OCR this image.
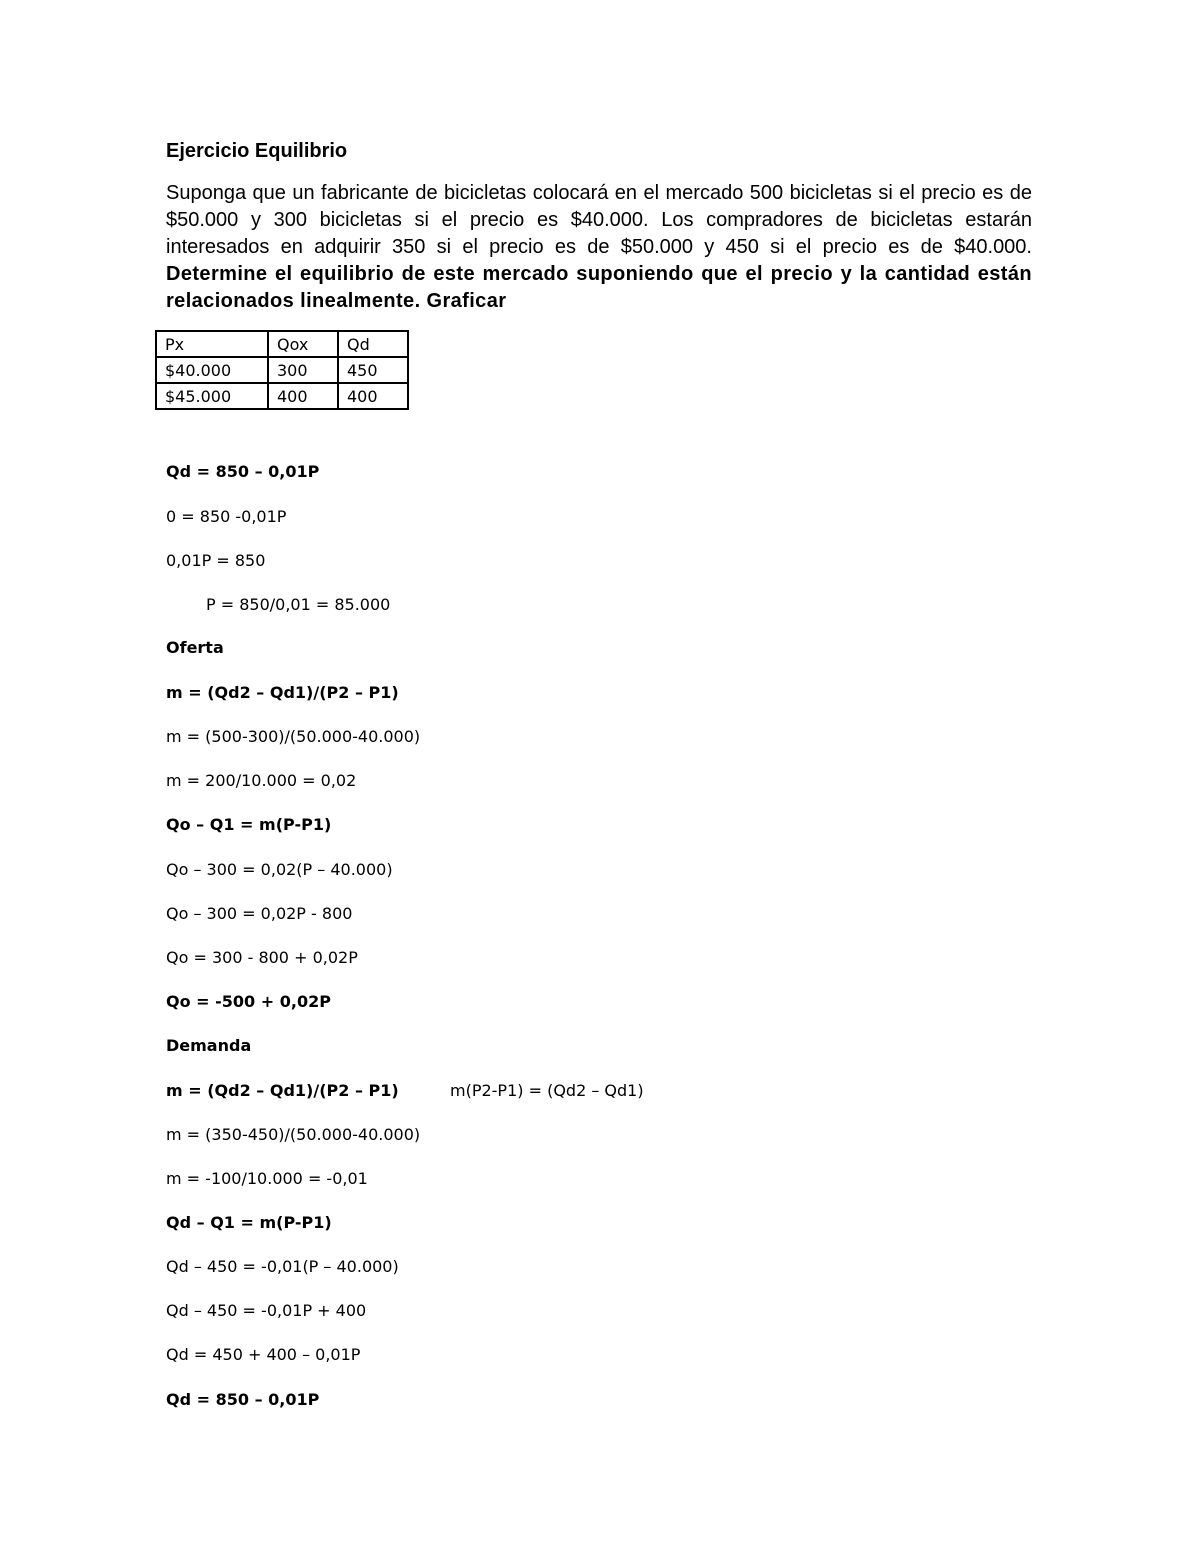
Ejercicio Equilibrio

Suponga que un fabricante de bicicletas colocará en el mercado 500 bicicletas si el precio es de $50.000 y 300 bicicletas si el precio es $40.000. Los compradores de bicicletas estarán interesados en adquirir 350 si el precio es de $50.000 y 450 si el precio es de $40.000. Determine el equilibrio de este mercado suponiendo que el precio y la cantidad están relacionados linealmente. Graficar

Px	Qox	Qd
$40.000	300	450
$45.000	400	400

Qd = 850 – 0,01P

0 = 850 -0,01P

0,01P = 850

P = 850/0,01 = 85.000

Oferta

m = (Qd2 – Qd1)/(P2 – P1)

m = (500-300)/(50.000-40.000)

m = 200/10.000 = 0,02

Qo – Q1 = m(P-P1)

Qo – 300 = 0,02(P – 40.000)

Qo – 300 = 0,02P - 800

Qo = 300 - 800 + 0,02P

Qo = -500 + 0,02P

Demanda

m = (Qd2 – Qd1)/(P2 – P1)	m(P2-P1) = (Qd2 – Qd1)

m = (350-450)/(50.000-40.000)

m = -100/10.000 = -0,01

Qd – Q1 = m(P-P1)

Qd – 450 = -0,01(P – 40.000)

Qd – 450 = -0,01P + 400

Qd = 450 + 400 – 0,01P

Qd = 850 – 0,01P
